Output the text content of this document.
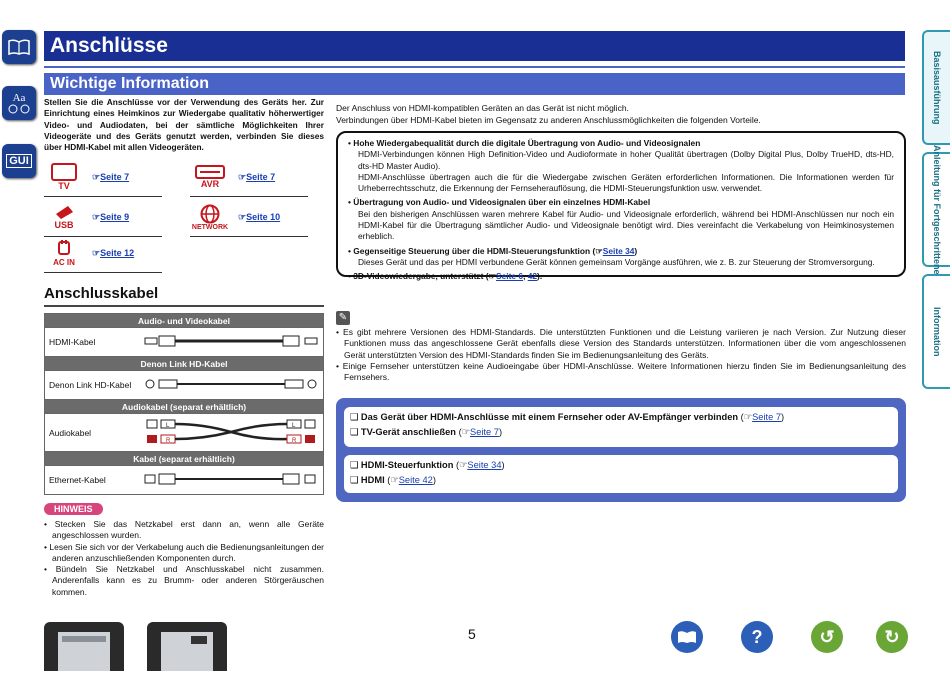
Aa
GUI
Anschlüsse
Wichtige Information
Stellen Sie die Anschlüsse vor der Verwendung des Geräts her. Zur Einrichtung eines Heimkinos zur Wiedergabe qualitativ höherwertiger Video- und Audiodaten, bei der sämtliche Möglichkeiten Ihrer Videogeräte und des Geräts genutzt werden, verbinden Sie dieses über HDMI-Kabel mit allen Videogeräten.
TV
☞Seite 7
AVR
☞Seite 7
USB
☞Seite 9
NETWORK
☞Seite 10
AC IN
☞Seite 12
Anschlusskabel
Audio- und Videokabel	
HDMI-Kabel	
Denon Link HD-Kabel	
Denon Link HD-Kabel	
Audiokabel (separat erhältlich)	
Audiokabel	L
R
L
R

Kabel (separat erhältlich)	
Ethernet-Kabel	
HINWEIS
• Stecken Sie das Netzkabel erst dann an, wenn alle Geräte angeschlossen wurden.
• Lesen Sie sich vor der Verkabelung auch die Bedienungsanleitungen der anderen anzuschließenden Komponenten durch.
• Bündeln Sie Netzkabel und Anschlusskabel nicht zusammen. Anderenfalls kann es zu Brumm- oder anderen Störgeräuschen kommen.
Der Anschluss von HDMI-kompatiblen Geräten an das Gerät ist nicht möglich.
Verbindungen über HDMI-Kabel bieten im Gegensatz zu anderen Anschlussmöglichkeiten die folgenden Vorteile.
• Hohe Wiedergabequalität durch die digitale Übertragung von Audio- und Videosignalen
HDMI-Verbindungen können High Definition-Video und Audioformate in hoher Qualität übertragen (Dolby Digital Plus, Dolby TrueHD, dts-HD, dts-HD Master Audio).
HDMI-Anschlüsse übertragen auch die für die Wiedergabe zwischen Geräten erforderlichen Informationen. Die Informationen werden für Urheberrechtsschutz, die Erkennung der Fernseherauflösung, die HDMI-Steuerungsfunktion usw. verwendet.
• Übertragung von Audio- und Videosignalen über ein einzelnes HDMI-Kabel
Bei den bisherigen Anschlüssen waren mehrere Kabel für Audio- und Videosignale erforderlich, während bei HDMI-Anschlüssen nur noch ein HDMI-Kabel für die Übertragung sämtlicher Audio- und Videosignale benötigt wird. Dies vereinfacht die Verkabelung von Heimkinosystemen erheblich.
• Gegenseitige Steuerung über die HDMI-Steuerungsfunktion (☞Seite 34)
Dieses Gerät und das per HDMI verbundene Gerät können gemeinsam Vorgänge ausführen, wie z. B. zur Steuerung der Stromversorgung.
• 3D-Videowiedergabe, unterstützt (☞Seite 6, 42).
✎
• Es gibt mehrere Versionen des HDMI-Standards. Die unterstützten Funktionen und die Leistung variieren je nach Version. Zur Nutzung dieser Funktionen muss das angeschlossene Gerät ebenfalls diese Version des Standards unterstützen. Informationen über die vom angeschlossenen Gerät unterstützten Version des HDMI-Standards finden Sie im Bedienungsanleitung des Geräts.
• Einige Fernseher unterstützen keine Audioeingabe über HDMI-Anschlüsse. Weitere Informationen hierzu finden Sie im Bedienungsanleitung des Fernsehers.
❑ Das Gerät über HDMI-Anschlüsse mit einem Fernseher oder AV-Empfänger verbinden (☞Seite 7)
❑ TV-Gerät anschließen (☞Seite 7)
❑ HDMI-Steuerfunktion (☞Seite 34)
❑ HDMI (☞Seite 42)
Basisausführung
Anleitung für Fortgeschrittene
Information
5	?	↺	↻
